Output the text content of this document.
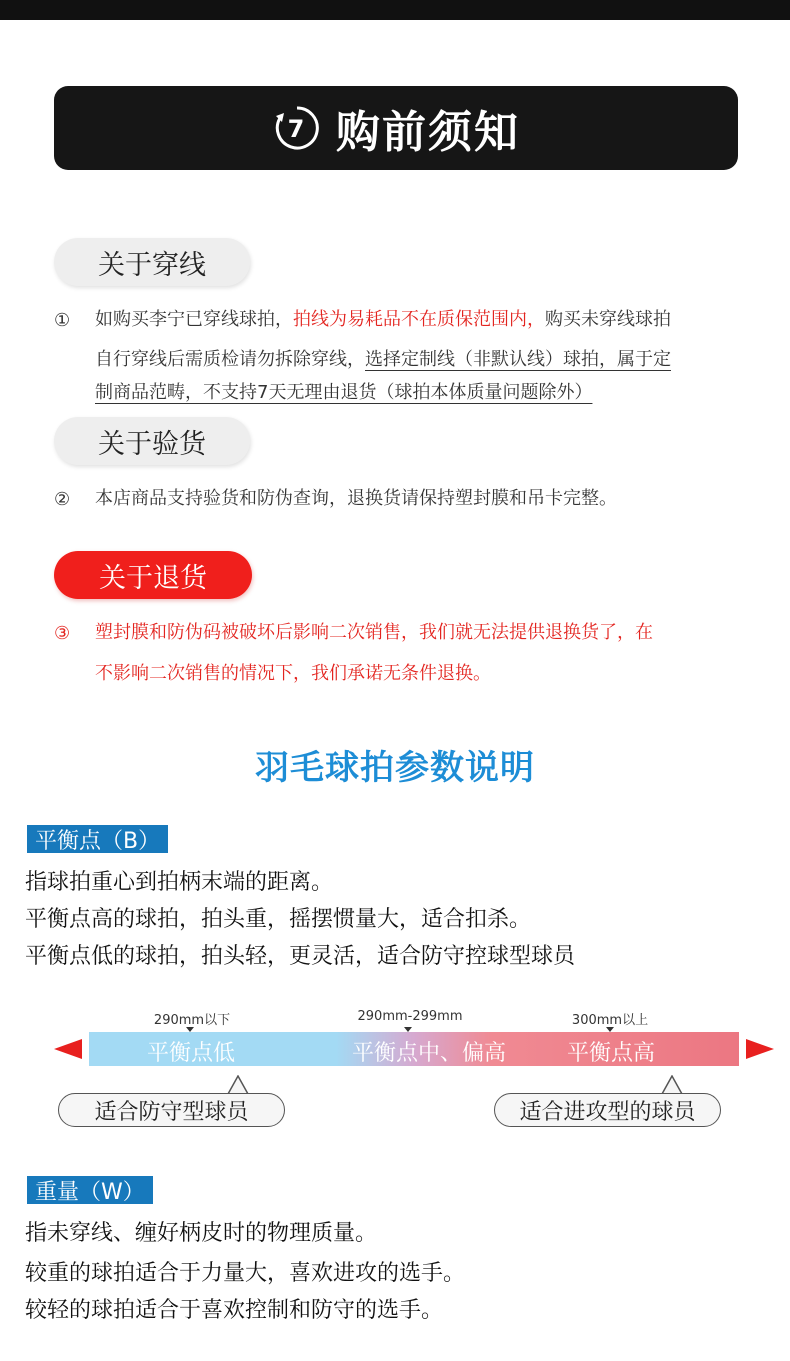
7 购前须知
关于穿线
① 如购买李宁已穿线球拍，拍线为易耗品不在质保范围内，购买未穿线球拍
自行穿线后需质检请勿拆除穿线，选择定制线（非默认线）球拍，属于定
制商品范畴，不支持7天无理由退货（球拍本体质量问题除外）
关于验货
② 本店商品支持验货和防伪查询，退换货请保持塑封膜和吊卡完整。
关于退货
③ 塑封膜和防伪码被破坏后影响二次销售，我们就无法提供退换货了，在
不影响二次销售的情况下，我们承诺无条件退换。
羽毛球拍参数说明
平衡点（B）
指球拍重心到拍柄末端的距离。
平衡点高的球拍，拍头重，摇摆惯量大，适合扣杀。
平衡点低的球拍，拍头轻，更灵活，适合防守控球型球员
平衡点低	平衡点中、偏高	平衡点高
290mm以下	290mm-299mm	300mm以上
适合防守型球员	适合进攻型的球员
重量（W）
指未穿线、缠好柄皮时的物理质量。
较重的球拍适合于力量大，喜欢进攻的选手。
较轻的球拍适合于喜欢控制和防守的选手。
